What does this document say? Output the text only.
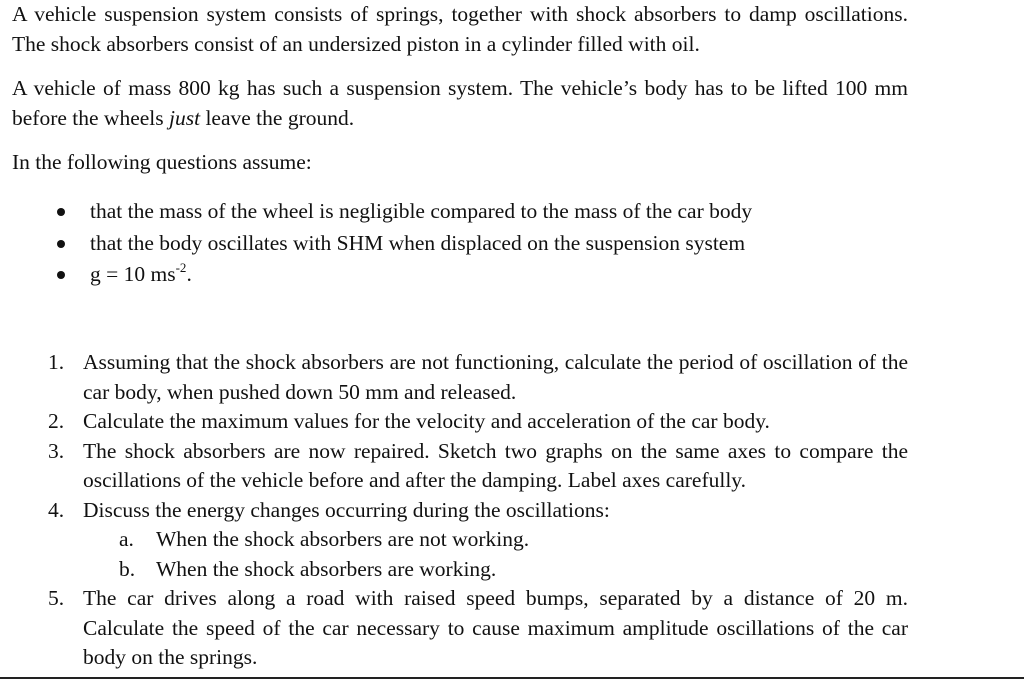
A vehicle suspension system consists of springs, together with shock absorbers to damp oscillations. The shock absorbers consist of an undersized piston in a cylinder filled with oil.

A vehicle of mass 800 kg has such a suspension system. The vehicle’s body has to be lifted 100 mm before the wheels just leave the ground.

In the following questions assume:

that the mass of the wheel is negligible compared to the mass of the car body
that the body oscillates with SHM when displaced on the suspension system
g = 10 $ms^{-2}$.
1. Assuming that the shock absorbers are not functioning, calculate the period of oscillation of the car body, when pushed down 50 mm and released.
2. Calculate the maximum values for the velocity and acceleration of the car body.
3. The shock absorbers are now repaired. Sketch two graphs on the same axes to compare the oscillations of the vehicle before and after the damping. Label axes carefully.
4. Discuss the energy changes occurring during the oscillations:
a. When the shock absorbers are not working.
b. When the shock absorbers are working.
5. The car drives along a road with raised speed bumps, separated by a distance of 20 m. Calculate the speed of the car necessary to cause maximum amplitude oscillations of the car body on the springs.
